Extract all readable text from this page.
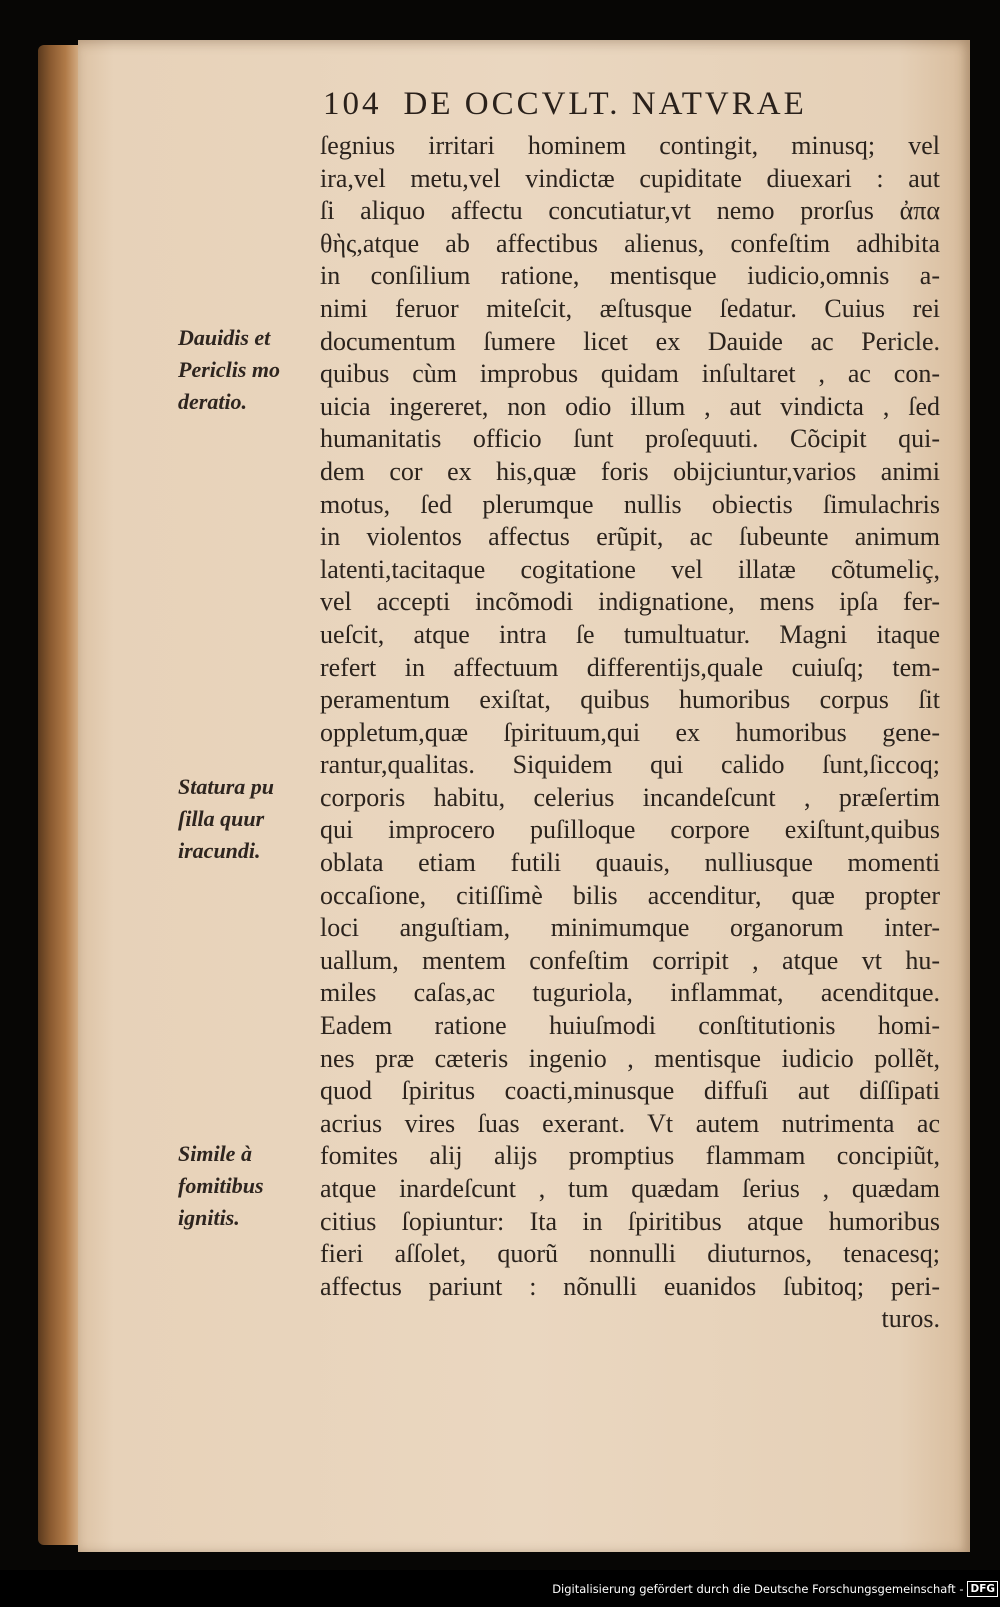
104 DE OCCVLT. NATVRAE
ſegnius irritari hominem contingit, minusq; vel
ira,vel metu,vel vindictæ cupiditate diuexari : aut
ſi aliquo affectu concutiatur,vt nemo prorſus ἀπα
θὴς,atque ab affectibus alienus, confeſtim adhibita
in conſilium ratione, mentisque iudicio,omnis a-
nimi feruor miteſcit, æſtusque ſedatur. Cuius rei
documentum ſumere licet ex Dauide ac Pericle.
quibus cùm improbus quidam inſultaret , ac con-
uicia ingereret, non odio illum , aut vindicta , ſed
humanitatis officio ſunt proſequuti. Cõcipit qui-
dem cor ex his,quæ foris obijciuntur,varios animi
motus, ſed plerumque nullis obiectis ſimulachris
in violentos affectus erũpit, ac ſubeunte animum
latenti,tacitaque cogitatione vel illatæ cõtumeliç,
vel accepti incõmodi indignatione, mens ipſa fer-
ueſcit, atque intra ſe tumultuatur. Magni itaque
refert in affectuum differentijs,quale cuiuſq; tem-
peramentum exiſtat, quibus humoribus corpus ſit
oppletum,quæ ſpirituum,qui ex humoribus gene-
rantur,qualitas. Siquidem qui calido ſunt,ſiccoq;
corporis habitu, celerius incandeſcunt , præſertim
qui improcero puſilloque corpore exiſtunt,quibus
oblata etiam futili quauis, nulliusque momenti
occaſione, citiſſimè bilis accenditur, quæ propter
loci anguſtiam, minimumque organorum inter-
uallum, mentem confeſtim corripit , atque vt hu-
miles caſas,ac tuguriola, inflammat, acenditque.
Eadem ratione huiuſmodi conſtitutionis homi-
nes præ cæteris ingenio , mentisque iudicio pollẽt,
quod ſpiritus coacti,minusque diffuſi aut diſſipati
acrius vires ſuas exerant. Vt autem nutrimenta ac
fomites alij alijs promptius flammam concipiũt,
atque inardeſcunt , tum quædam ſerius , quædam
citius ſopiuntur: Ita in ſpiritibus atque humoribus
fieri aſſolet, quorũ nonnulli diuturnos, tenacesq;
affectus pariunt : nõnulli euanidos ſubitoq; peri-
turos.
Dauidis et
Periclis mo
deratio.
Statura pu
ſilla quur
iracundi.
Simile à
fomitibus
ignitis.
Digitalisierung gefördert durch die Deutsche Forschungsgemeinschaft - DFG
